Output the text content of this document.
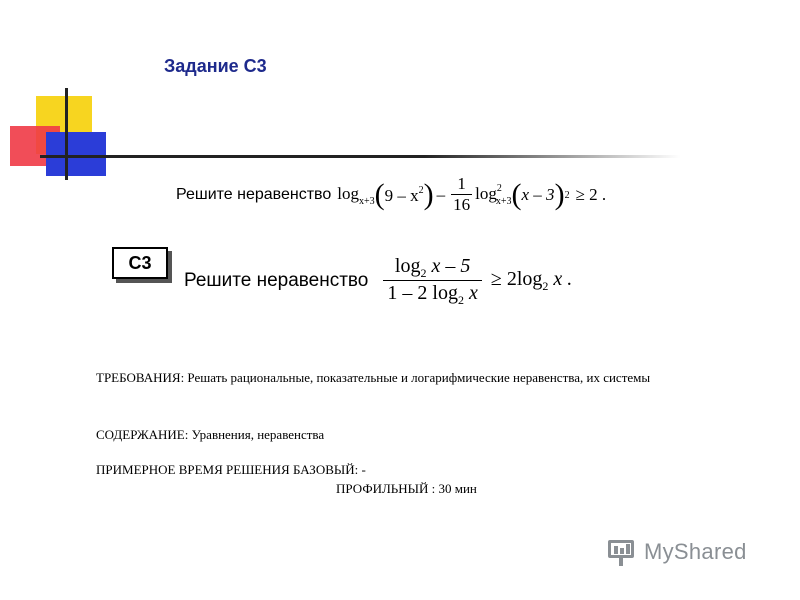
Задание С3
Решите неравенство $\log_{x+3}$ ( $9 - x^2$ ) – $\frac{1}{16} \log^2_{x+3}$ ( x – 3 ) 2 ≥ 2 .
С3
Решите неравенство $\frac{\log_2 x - 5}{1 - 2 \log_2 x} \ge 2\log_2$ x .
ТРЕБОВАНИЯ: Решать рациональные, показательные и логарифмические неравенства, их системы
СОДЕРЖАНИЕ: Уравнения, неравенства
ПРИМЕРНОЕ ВРЕМЯ РЕШЕНИЯ БАЗОВЫЙ: -
ПРОФИЛЬНЫЙ : 30 мин
MyShared
